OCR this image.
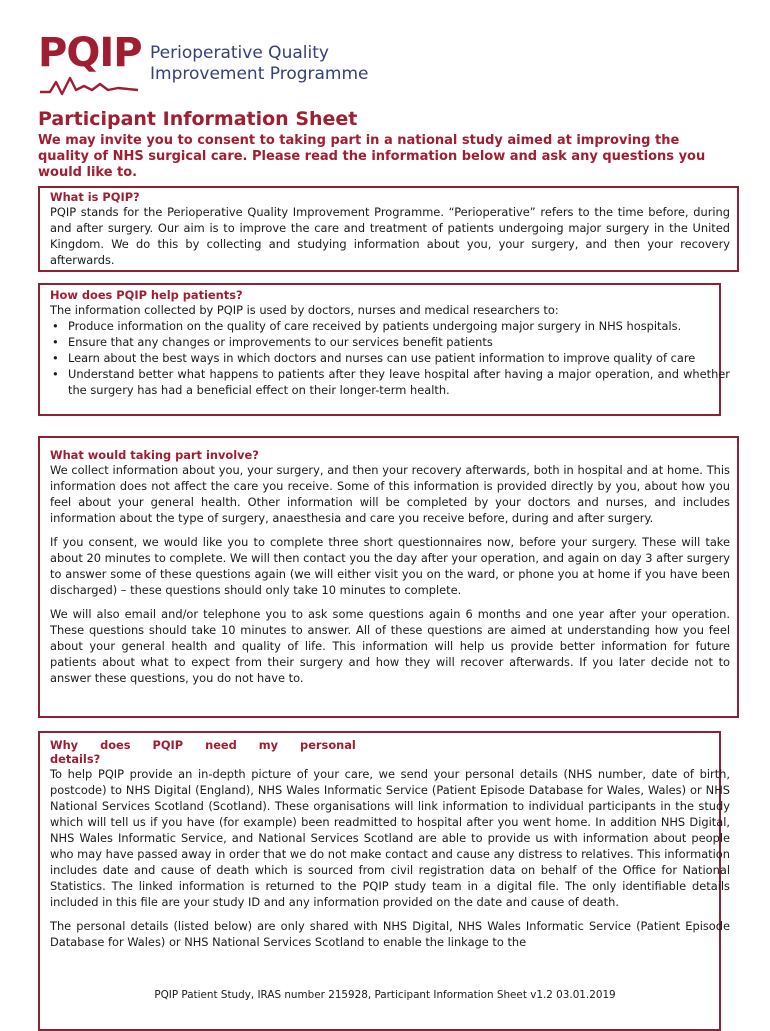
PQIP Perioperative Quality
Improvement Programme
Participant Information Sheet

We may invite you to consent to taking part in a national study aimed at improving the quality of NHS surgical care. Please read the information below and ask any questions you would like to.

What is PQIP?

PQIP stands for the Perioperative Quality Improvement Programme. “Perioperative” refers to the time before, during and after surgery. Our aim is to improve the care and treatment of patients undergoing major surgery in the United Kingdom. We do this by collecting and studying information about you, your surgery, and then your recovery afterwards.

How does PQIP help patients?
The information collected by PQIP is used by doctors, nurses and medical researchers to:
• Produce information on the quality of care received by patients undergoing major surgery in NHS hospitals.
• Ensure that any changes or improvements to our services benefit patients
• Learn about the best ways in which doctors and nurses can use patient information to improve quality of care
• Understand better what happens to patients after they leave hospital after having a major operation, and whether the surgery has had a beneficial effect on their longer-term health.
What would taking part involve?

We collect information about you, your surgery, and then your recovery afterwards, both in hospital and at home. This information does not affect the care you receive. Some of this information is provided directly by you, about how you feel about your general health. Other information will be completed by your doctors and nurses, and includes information about the type of surgery, anaesthesia and care you receive before, during and after surgery.

If you consent, we would like you to complete three short questionnaires now, before your surgery. These will take about 20 minutes to complete. We will then contact you the day after your operation, and again on day 3 after surgery to answer some of these questions again (we will either visit you on the ward, or phone you at home if you have been discharged) – these questions should only take 10 minutes to complete.

We will also email and/or telephone you to ask some questions again 6 months and one year after your operation. These questions should take 10 minutes to answer. All of these questions are aimed at understanding how you feel about your general health and quality of life. This information will help us provide better information for future patients about what to expect from their surgery and how they will recover afterwards. If you later decide not to answer these questions, you do not have to.

Why does PQIP need my personal
details?

To help PQIP provide an in-depth picture of your care, we send your personal details (NHS number, date of birth, postcode) to NHS Digital (England), NHS Wales Informatic Service (Patient Episode Database for Wales, Wales) or NHS National Services Scotland (Scotland). These organisations will link information to individual participants in the study which will tell us if you have (for example) been readmitted to hospital after you went home. In addition NHS Digital, NHS Wales Informatic Service, and National Services Scotland are able to provide us with information about people who may have passed away in order that we do not make contact and cause any distress to relatives. This information includes date and cause of death which is sourced from civil registration data on behalf of the Office for National Statistics. The linked information is returned to the PQIP study team in a digital file. The only identifiable details included in this file are your study ID and any information provided on the date and cause of death.

The personal details (listed below) are only shared with NHS Digital, NHS Wales Informatic Service (Patient Episode Database for Wales) or NHS National Services Scotland to enable the linkage to the

PQIP Patient Study, IRAS number 215928, Participant Information Sheet v1.2 03.01.2019
